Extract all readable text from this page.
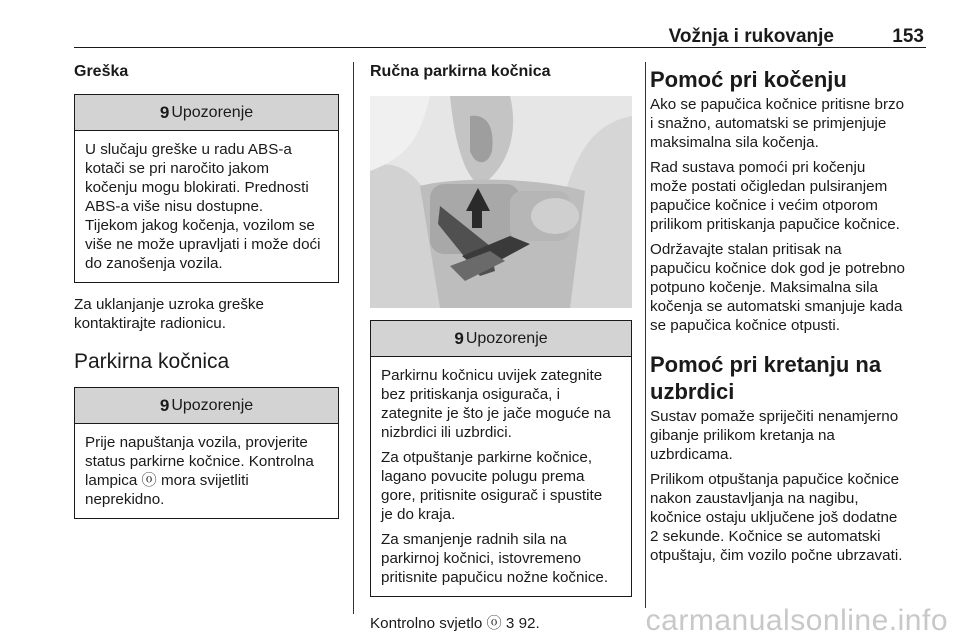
Vožnja i rukovanje	153
Greška
9 Upozorenje

U slučaju greške u radu ABS-a
kotači se pri naročito jakom
kočenju mogu blokirati. Prednosti
ABS-a više nisu dostupne.
Tijekom jakog kočenja, vozilom se
više ne može upravljati i može doći
do zanošenja vozila.

Za uklanjanje uzroka greške
kontaktirajte radionicu.

Parkirna kočnica
9 Upozorenje

Prije napuštanja vozila, provjerite
status parkirne kočnice. Kontrolna
lampica ⓞ mora svijetliti
neprekidno.

Ručna parkirna kočnica
9 Upozorenje

Parkirnu kočnicu uvijek zategnite
bez pritiskanja osigurača, i
zategnite je što je jače moguće na
nizbrdici ili uzbrdici.

Za otpuštanje parkirne kočnice,
lagano povucite polugu prema
gore, pritisnite osigurač i spustite
je do kraja.

Za smanjenje radnih sila na
parkirnoj kočnici, istovremeno
pritisnite papučicu nožne kočnice.

Kontrolno svjetlo ⓞ 3 92.

Pomoć pri kočenju

Ako se papučica kočnice pritisne brzo
i snažno, automatski se primjenjuje
maksimalna sila kočenja.

Rad sustava pomoći pri kočenju
može postati očigledan pulsiranjem
papučice kočnice i većim otporom
prilikom pritiskanja papučice kočnice.

Održavajte stalan pritisak na
papučicu kočnice dok god je potrebno
potpuno kočenje. Maksimalna sila
kočenja se automatski smanjuje kada
se papučica kočnice otpusti.

Pomoć pri kretanju na
uzbrdici

Sustav pomaže spriječiti nenamjerno
gibanje prilikom kretanja na
uzbrdicama.

Prilikom otpuštanja papučice kočnice
nakon zaustavljanja na nagibu,
kočnice ostaju uključene još dodatne
2 sekunde. Kočnice se automatski
otpuštaju, čim vozilo počne ubrzavati.

carmanualsonline.info
